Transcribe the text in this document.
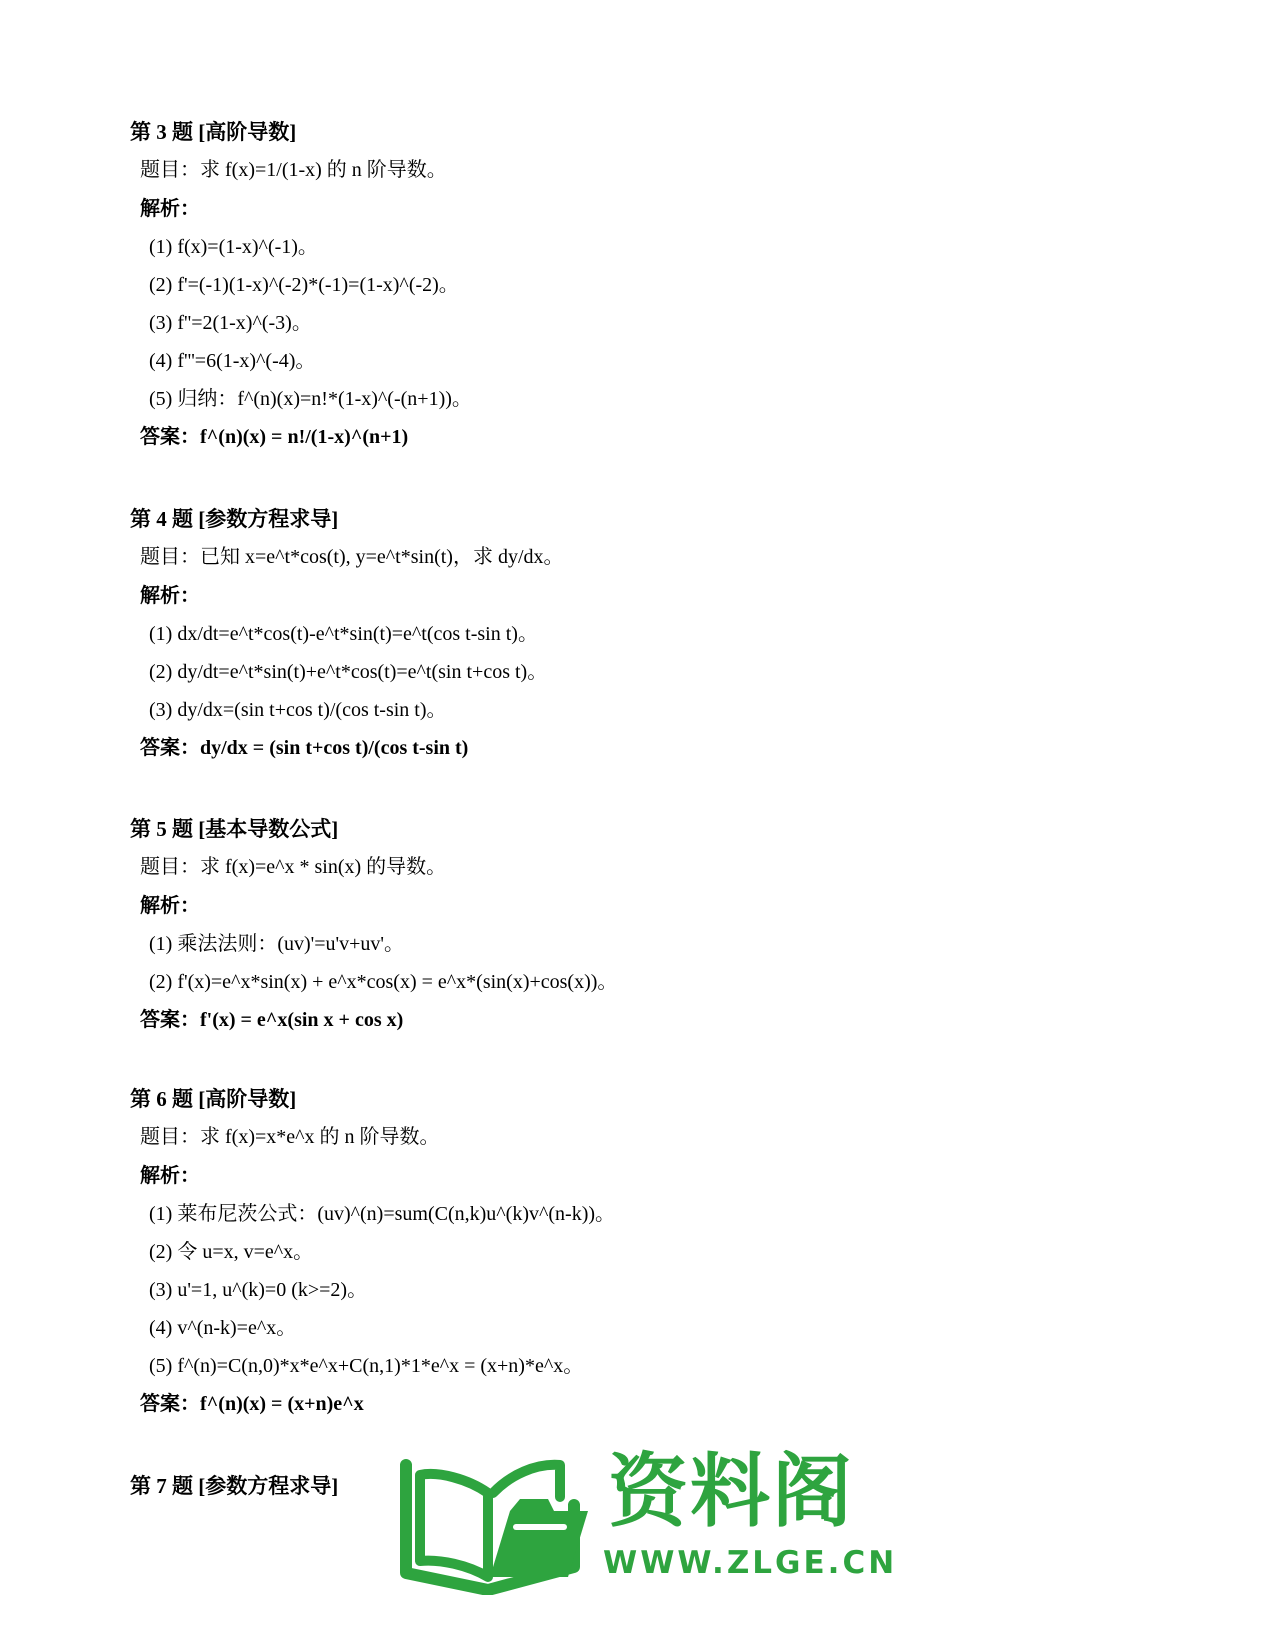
第 3 题 [高阶导数]
题目：求 f(x)=1/(1-x) 的 n 阶导数。
解析：
(1) f(x)=(1-x)^(-1)。
(2) f'=(-1)(1-x)^(-2)*(-1)=(1-x)^(-2)。
(3) f''=2(1-x)^(-3)。
(4) f'''=6(1-x)^(-4)。
(5) 归纳：f^(n)(x)=n!*(1-x)^(-(n+1))。
答案：f^(n)(x) = n!/(1-x)^(n+1)
第 4 题 [参数方程求导]
题目：已知 x=e^t*cos(t), y=e^t*sin(t)，求 dy/dx。
解析：
(1) dx/dt=e^t*cos(t)-e^t*sin(t)=e^t(cos t-sin t)。
(2) dy/dt=e^t*sin(t)+e^t*cos(t)=e^t(sin t+cos t)。
(3) dy/dx=(sin t+cos t)/(cos t-sin t)。
答案：dy/dx = (sin t+cos t)/(cos t-sin t)
第 5 题 [基本导数公式]
题目：求 f(x)=e^x * sin(x) 的导数。
解析：
(1) 乘法法则：(uv)'=u'v+uv'。
(2) f'(x)=e^x*sin(x) + e^x*cos(x) = e^x*(sin(x)+cos(x))。
答案：f'(x) = e^x(sin x + cos x)
第 6 题 [高阶导数]
题目：求 f(x)=x*e^x 的 n 阶导数。
解析：
(1) 莱布尼茨公式：(uv)^(n)=sum(C(n,k)u^(k)v^(n-k))。
(2) 令 u=x, v=e^x。
(3) u'=1, u^(k)=0 (k>=2)。
(4) v^(n-k)=e^x。
(5) f^(n)=C(n,0)*x*e^x+C(n,1)*1*e^x = (x+n)*e^x。
答案：f^(n)(x) = (x+n)e^x
第 7 题 [参数方程求导]	资料阁
WWW.ZLGE.CN
